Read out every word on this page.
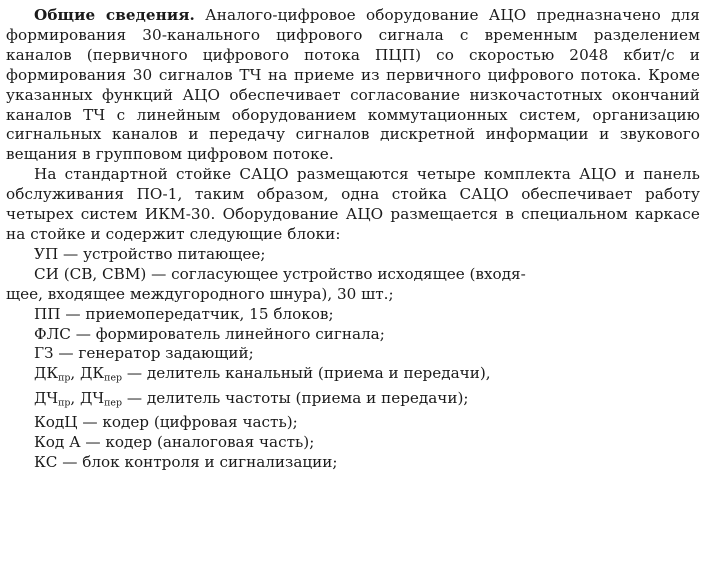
Общие сведения. Аналого-цифровое оборудование АЦО предназначено для формирования 30-канального цифрового сигнала с временным разделением каналов (первичного цифрового потока ПЦП) со скоростью 2048 кбит/с и формирования 30 сигналов ТЧ на приеме из первичного цифрового потока. Кроме указанных функций АЦО обеспечивает согласование низкочастотных окончаний каналов ТЧ с линейным оборудованием коммутационных систем, организацию сигнальных каналов и передачу сигналов дискретной информации и звукового вещания в групповом цифровом потоке.

На стандартной стойке САЦО размещаются четыре комплекта АЦО и панель обслуживания ПО-1, таким образом, одна стойка САЦО обеспечивает работу четырех систем ИКМ-30. Оборудование АЦО размещается в специальном каркасе на стойке и содержит следующие блоки:

УП — устройство питающее;
СИ (СВ, СВМ) — согласующее устройство исходящее (входя-
щее, входящее междугородного шнура), 30 шт.;
ПП — приемопередатчик, 15 блоков;
ФЛС — формирователь линейного сигнала;
ГЗ — генератор задающий;
$ДК_{пр}$, $ДК_{пер}$ — делитель канальный (приема и передачи),
$ДЧ_{пр}$, $ДЧ_{пер}$ — делитель частоты (приема и передачи);
КодЦ — кодер (цифровая часть);
Код А — кодер (аналоговая часть);
КС — блок контроля и сигнализации;
